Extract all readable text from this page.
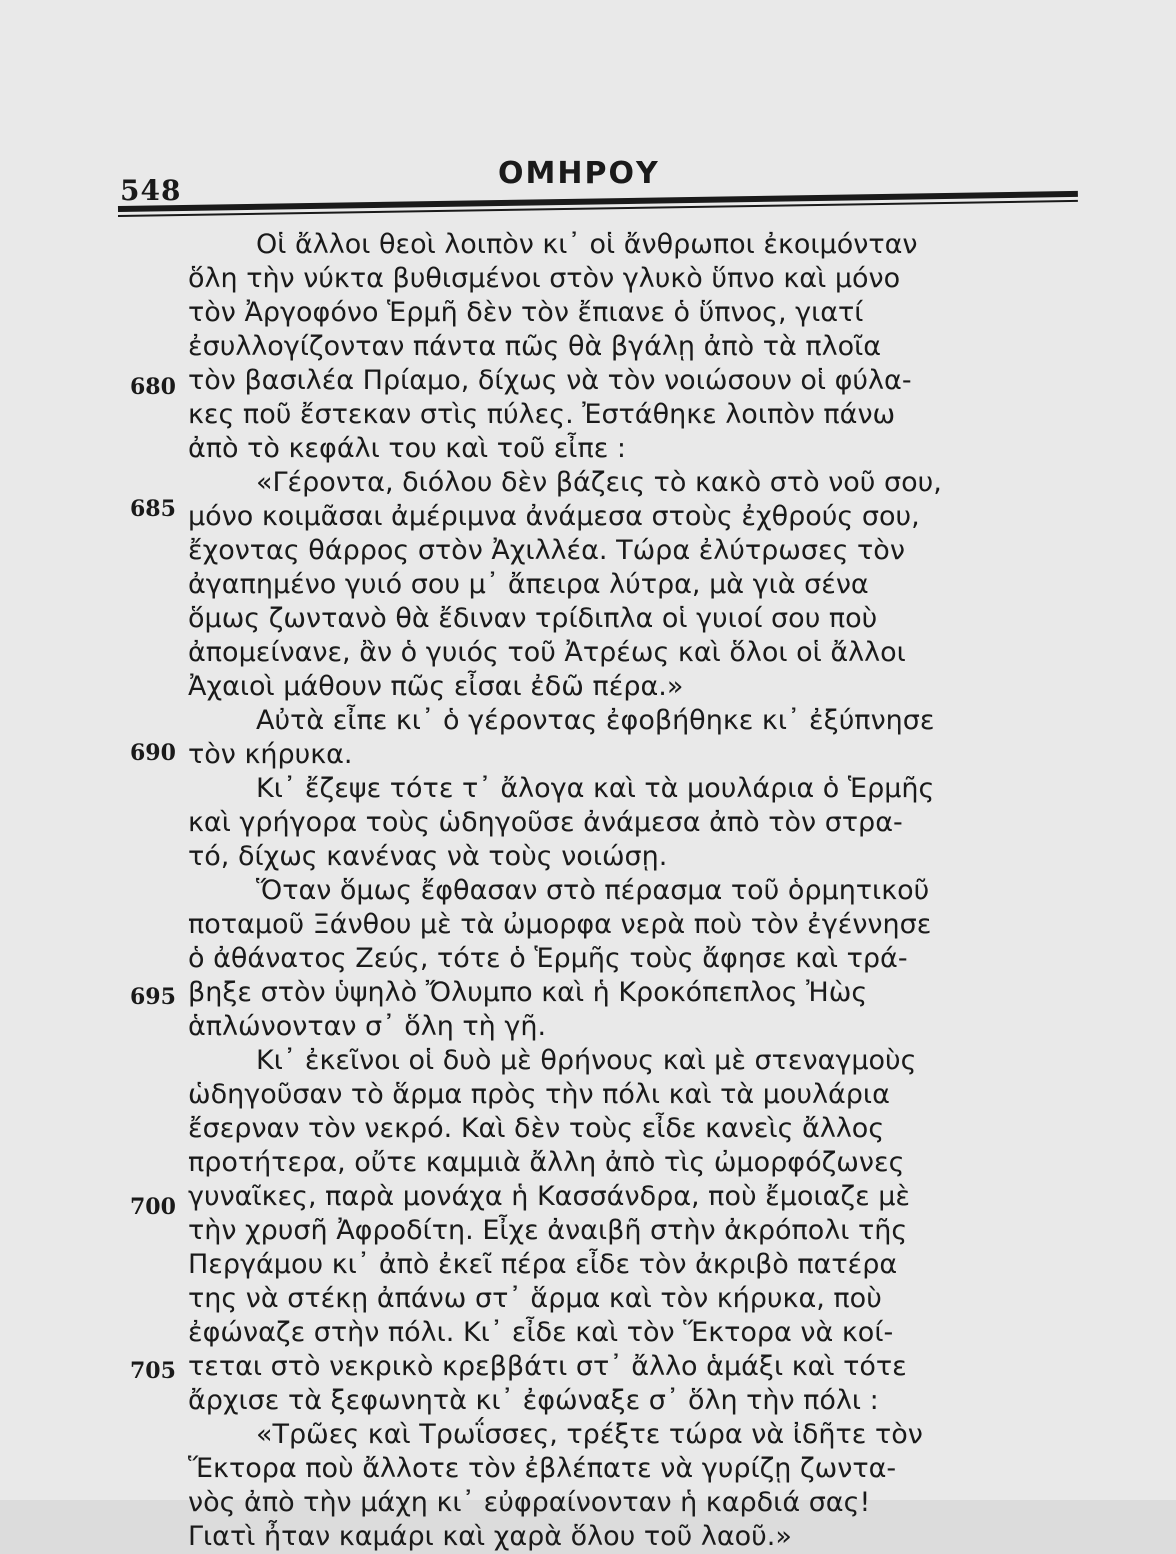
548	ΟΜΗΡΟΥ
680
685
690
695
700
705
Οἱ ἄλλοι θεοὶ λοιπὸν κι᾽ οἱ ἄνθρωποι ἐκοιμόνταν
ὅλη τὴν νύκτα βυθισμένοι στὸν γλυκὸ ὕπνο καὶ μόνο
τὸν Ἀργοφόνο Ἑρμῆ δὲν τὸν ἔπιανε ὁ ὕπνος, γιατί
ἐσυλλογίζονταν πάντα πῶς θὰ βγάλῃ ἀπὸ τὰ πλοῖα
τὸν βασιλέα Πρίαμο, δίχως νὰ τὸν νοιώσουν οἱ φύλα-
κες ποῦ ἔστεκαν στὶς πύλες. Ἐστάθηκε λοιπὸν πάνω
ἀπὸ τὸ κεφάλι του καὶ τοῦ εἶπε :
«Γέροντα, διόλου δὲν βάζεις τὸ κακὸ στὸ νοῦ σου,
μόνο κοιμᾶσαι ἀμέριμνα ἀνάμεσα στοὺς ἐχθρούς σου,
ἔχοντας θάρρος στὸν Ἀχιλλέα. Τώρα ἐλύτρωσες τὸν
ἀγαπημένο γυιό σου μ᾽ ἄπειρα λύτρα, μὰ γιὰ σένα
ὅμως ζωντανὸ θὰ ἔδιναν τρίδιπλα οἱ γυιοί σου ποὺ
ἀπομείνανε, ἂν ὁ γυιός τοῦ Ἀτρέως καὶ ὅλοι οἱ ἄλλοι
Ἀχαιοὶ μάθουν πῶς εἶσαι ἐδῶ πέρα.»
Αὐτὰ εἶπε κι᾽ ὁ γέροντας ἐφοβήθηκε κι᾽ ἐξύπνησε
τὸν κήρυκα.
Κι᾽ ἔζεψε τότε τ᾽ ἄλογα καὶ τὰ μουλάρια ὁ Ἑρμῆς
καὶ γρήγορα τοὺς ὡδηγοῦσε ἀνάμεσα ἀπὸ τὸν στρα-
τό, δίχως κανένας νὰ τοὺς νοιώσῃ.
Ὅταν ὅμως ἔφθασαν στὸ πέρασμα τοῦ ὁρμητικοῦ
ποταμοῦ Ξάνθου μὲ τὰ ὠμορφα νερὰ ποὺ τὸν ἐγέννησε
ὁ ἀθάνατος Ζεύς, τότε ὁ Ἑρμῆς τοὺς ἄφησε καὶ τρά-
βηξε στὸν ὑψηλὸ Ὄλυμπο καὶ ἡ Κροκόπεπλος Ἠὼς
ἁπλώνονταν σ᾽ ὅλη τὴ γῆ.
Κι᾽ ἐκεῖνοι οἱ δυὸ μὲ θρήνους καὶ μὲ στεναγμοὺς
ὡδηγοῦσαν τὸ ἅρμα πρὸς τὴν πόλι καὶ τὰ μουλάρια
ἔσερναν τὸν νεκρό. Καὶ δὲν τοὺς εἶδε κανεὶς ἄλλος
προτήτερα, οὔτε καμμιὰ ἄλλη ἀπὸ τὶς ὠμορφόζωνες
γυναῖκες, παρὰ μονάχα ἡ Κασσάνδρα, ποὺ ἔμοιαζε μὲ
τὴν χρυσῆ Ἀφροδίτη. Εἶχε ἀναιβῆ στὴν ἀκρόπολι τῆς
Περγάμου κι᾽ ἀπὸ ἐκεῖ πέρα εἶδε τὸν ἀκριβὸ πατέρα
της νὰ στέκῃ ἀπάνω στ᾽ ἅρμα καὶ τὸν κήρυκα, ποὺ
ἐφώναζε στὴν πόλι. Κι᾽ εἶδε καὶ τὸν Ἕκτορα νὰ κοί-
τεται στὸ νεκρικὸ κρεββάτι στ᾽ ἄλλο ἁμάξι καὶ τότε
ἄρχισε τὰ ξεφωνητὰ κι᾽ ἐφώναξε σ᾽ ὅλη τὴν πόλι :
«Τρῶες καὶ Τρωΐσσες, τρέξτε τώρα νὰ ἰδῆτε τὸν
Ἕκτορα ποὺ ἄλλοτε τὸν ἐβλέπατε νὰ γυρίζῃ ζωντα-
νὸς ἀπὸ τὴν μάχη κι᾽ εὐφραίνονταν ἡ καρδιά σας!
Γιατὶ ἦταν καμάρι καὶ χαρὰ ὅλου τοῦ λαοῦ.»
